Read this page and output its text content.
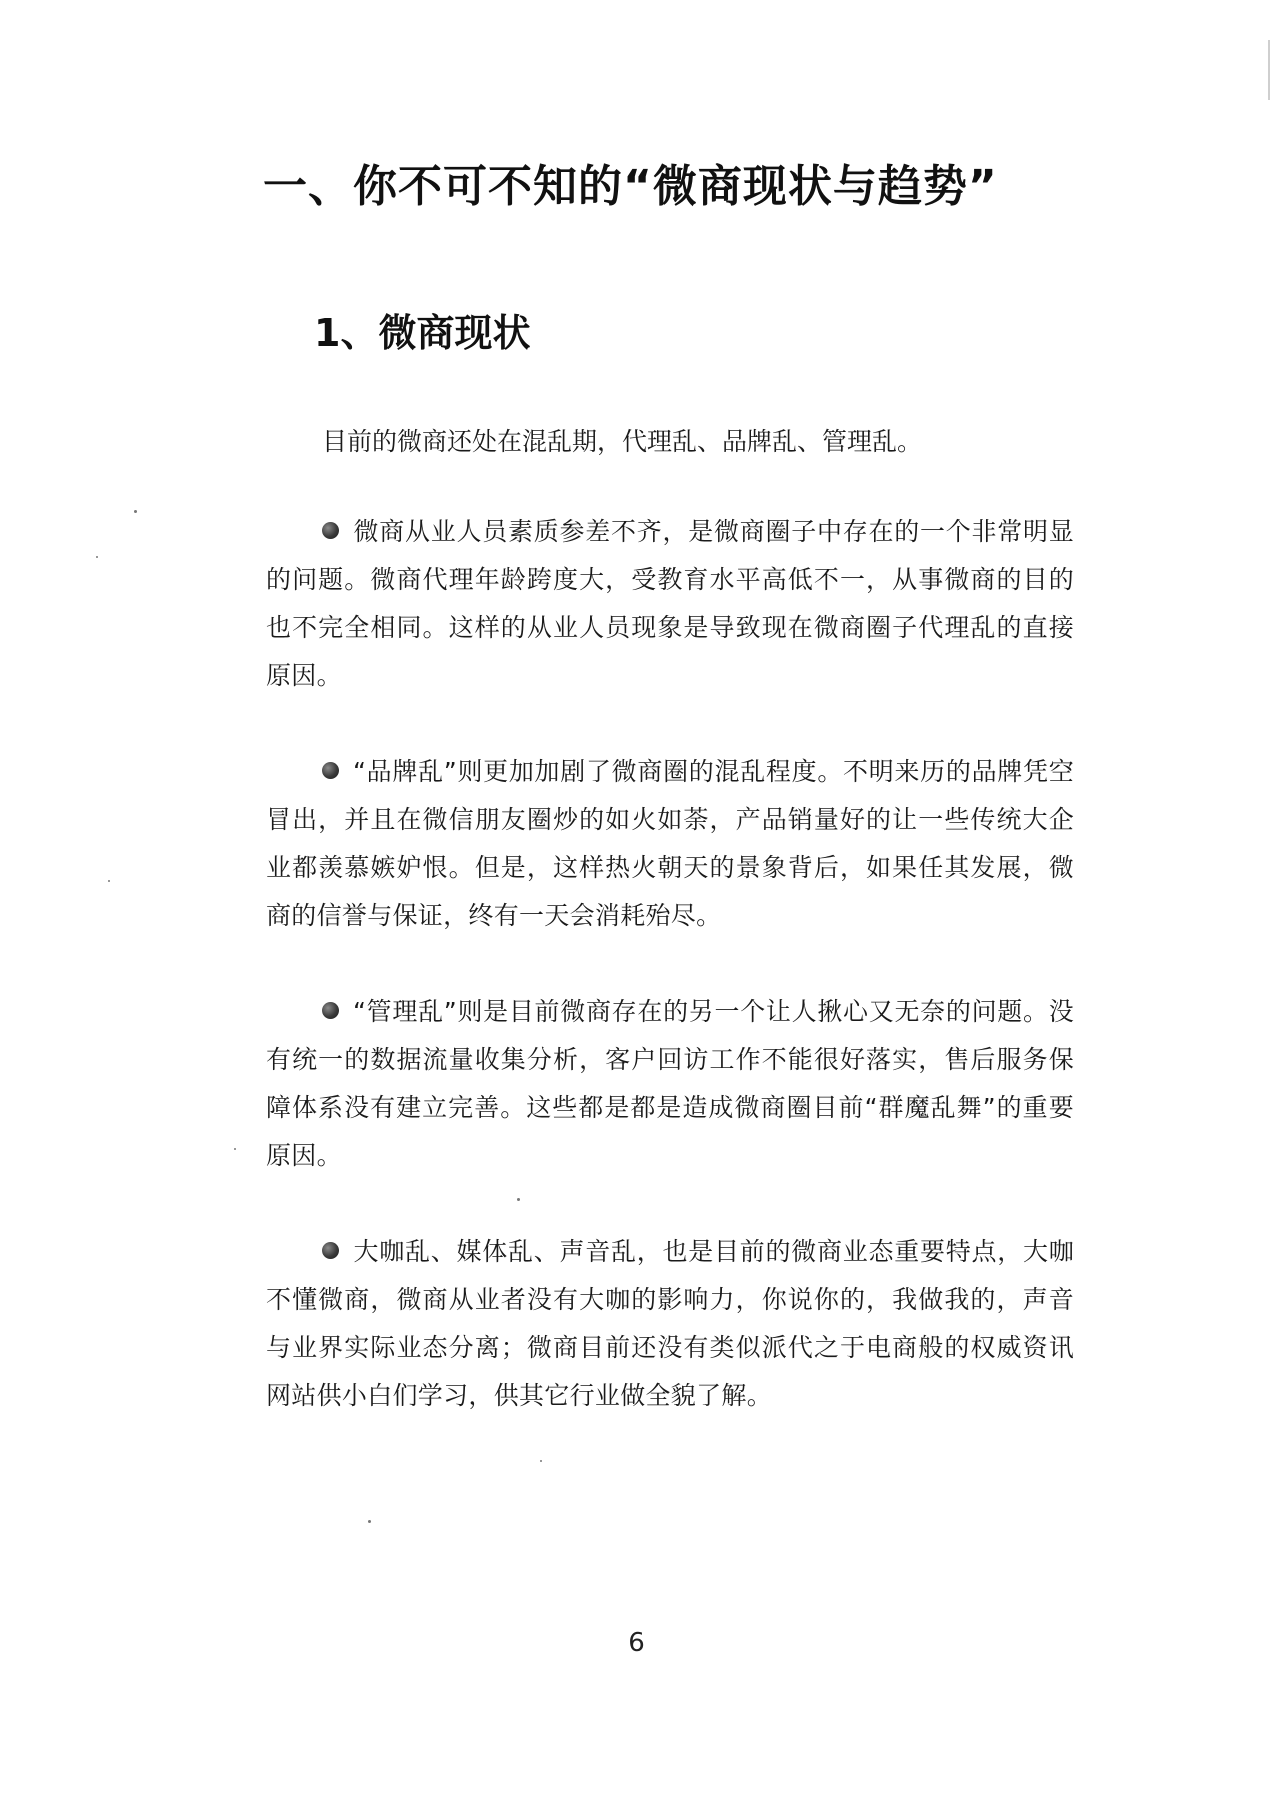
一、你不可不知的“微商现状与趋势”
1、微商现状
目前的微商还处在混乱期，代理乱、品牌乱、管理乱。
微商从业人员素质参差不齐，是微商圈子中存在的一个非常明显的问题。微商代理年龄跨度大，受教育水平高低不一，从事微商的目的也不完全相同。这样的从业人员现象是导致现在微商圈子代理乱的直接原因。
“品牌乱”则更加加剧了微商圈的混乱程度。不明来历的品牌凭空冒出，并且在微信朋友圈炒的如火如荼，产品销量好的让一些传统大企业都羡慕嫉妒恨。但是，这样热火朝天的景象背后，如果任其发展，微商的信誉与保证，终有一天会消耗殆尽。
“管理乱”则是目前微商存在的另一个让人揪心又无奈的问题。没有统一的数据流量收集分析，客户回访工作不能很好落实，售后服务保障体系没有建立完善。这些都是都是造成微商圈目前“群魔乱舞”的重要原因。
大咖乱、媒体乱、声音乱，也是目前的微商业态重要特点，大咖不懂微商，微商从业者没有大咖的影响力，你说你的，我做我的，声音与业界实际业态分离；微商目前还没有类似派代之于电商般的权威资讯网站供小白们学习，供其它行业做全貌了解。
6
